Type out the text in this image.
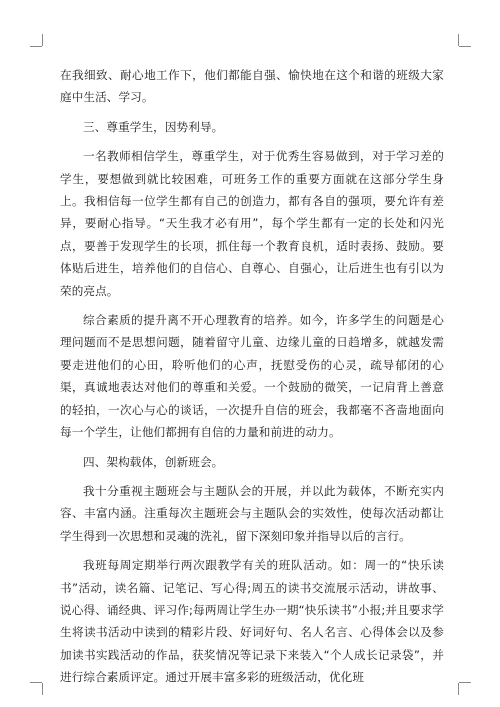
在我细致、耐心地工作下，他们都能自强、愉快地在这个和谐的班级大家庭中生活、学习。

三、尊重学生，因势利导。

一名教师相信学生，尊重学生，对于优秀生容易做到，对于学习差的学生，要想做到就比较困难，可班务工作的重要方面就在这部分学生身上。我相信每一位学生都有自己的创造力，都有各自的强项，要允许有差异，要耐心指导。“天生我才必有用”，每个学生都有一定的长处和闪光点，要善于发现学生的长项，抓住每一个教育良机，适时表扬、鼓励。要体贴后进生，培养他们的自信心、自尊心、自强心，让后进生也有引以为荣的亮点。

综合素质的提升离不开心理教育的培养。如今，许多学生的问题是心理问题而不是思想问题，随着留守儿童、边缘儿童的日趋增多，就越发需要走进他们的心田，聆听他们的心声，抚慰受伤的心灵，疏导郁闭的心渠，真诚地表达对他们的尊重和关爱。一个鼓励的微笑，一记肩背上善意的轻拍，一次心与心的谈话，一次提升自信的班会，我都毫不吝啬地面向每一个学生，让他们都拥有自信的力量和前进的动力。

四、架构载体，创新班会。

我十分重视主题班会与主题队会的开展，并以此为载体，不断充实内容、丰富内涵。注重每次主题班会与主题队会的实效性，使每次活动都让学生得到一次思想和灵魂的洗礼，留下深刻印象并指导以后的言行。

我班每周定期举行两次跟教学有关的班队活动。如：周一的“快乐读书”活动，读名篇、记笔记、写心得;周五的读书交流展示活动，讲故事、说心得、诵经典、评习作;每两周让学生办一期“快乐读书”小报;并且要求学生将读书活动中读到的精彩片段、好词好句、名人名言、心得体会以及参加读书实践活动的作品，获奖情况等记录下来装入“个人成长记录袋”，并进行综合素质评定。通过开展丰富多彩的班级活动，优化班
